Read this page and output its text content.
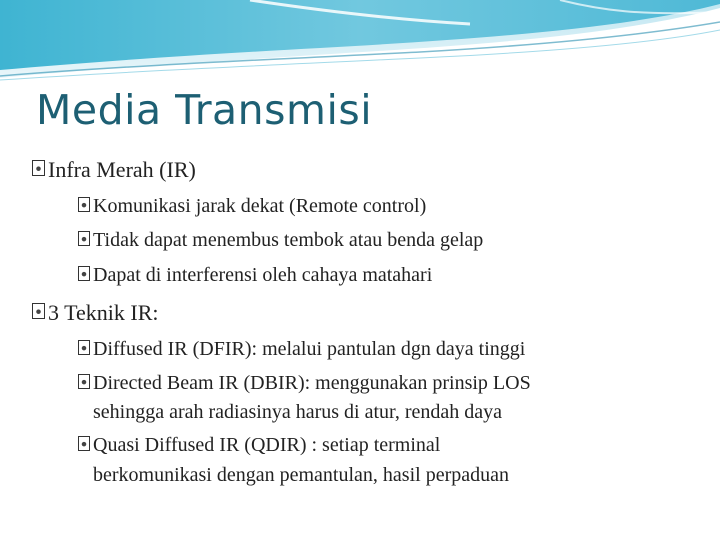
Media Transmisi
Infra Merah (IR)
Komunikasi jarak dekat (Remote control)
Tidak dapat menembus tembok atau benda gelap
Dapat di interferensi oleh cahaya matahari
3 Teknik IR:
Diffused IR (DFIR): melalui pantulan dgn daya tinggi
Directed Beam IR (DBIR): menggunakan prinsip LOS
sehingga arah radiasinya harus di atur, rendah daya
Quasi Diffused IR (QDIR) : setiap terminal
berkomunikasi dengan pemantulan, hasil perpaduan
